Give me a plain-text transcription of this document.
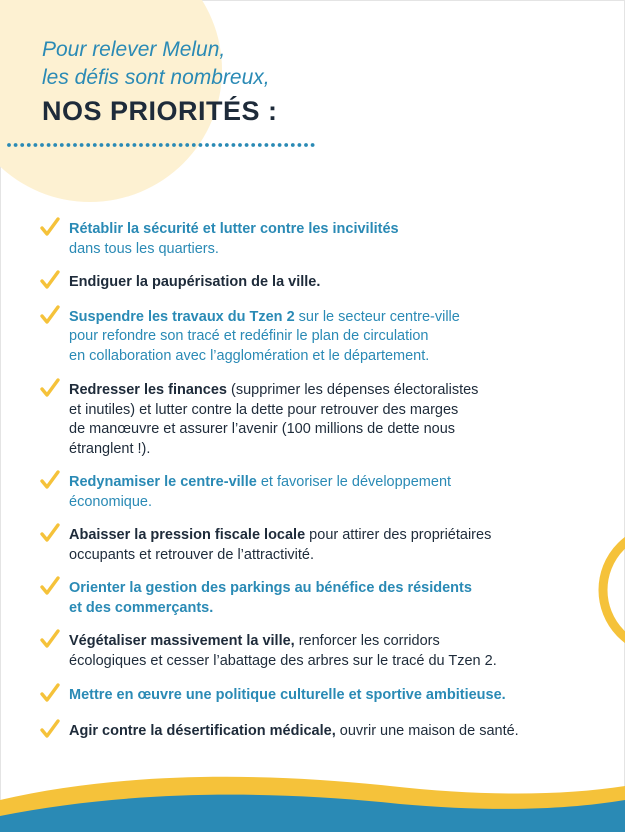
Pour relever Melun,
les défis sont nombreux,
NOS PRIORITÉS :
Rétablir la sécurité et lutter contre les incivilités
dans tous les quartiers.
Endiguer la paupérisation de la ville.
Suspendre les travaux du Tzen 2 sur le secteur centre-ville
pour refondre son tracé et redéfinir le plan de circulation
en collaboration avec l’agglomération et le département.
Redresser les finances (supprimer les dépenses électoralistes
et inutiles) et lutter contre la dette pour retrouver des marges
de manœuvre et assurer l’avenir (100 millions de dette nous
étranglent !).
Redynamiser le centre-ville et favoriser le développement
économique.
Abaisser la pression fiscale locale pour attirer des propriétaires
occupants et retrouver de l’attractivité.
Orienter la gestion des parkings au bénéfice des résidents
et des commerçants.
Végétaliser massivement la ville, renforcer les corridors
écologiques et cesser l’abattage des arbres sur le tracé du Tzen 2.
Mettre en œuvre une politique culturelle et sportive ambitieuse.
Agir contre la désertification médicale, ouvrir une maison de santé.
